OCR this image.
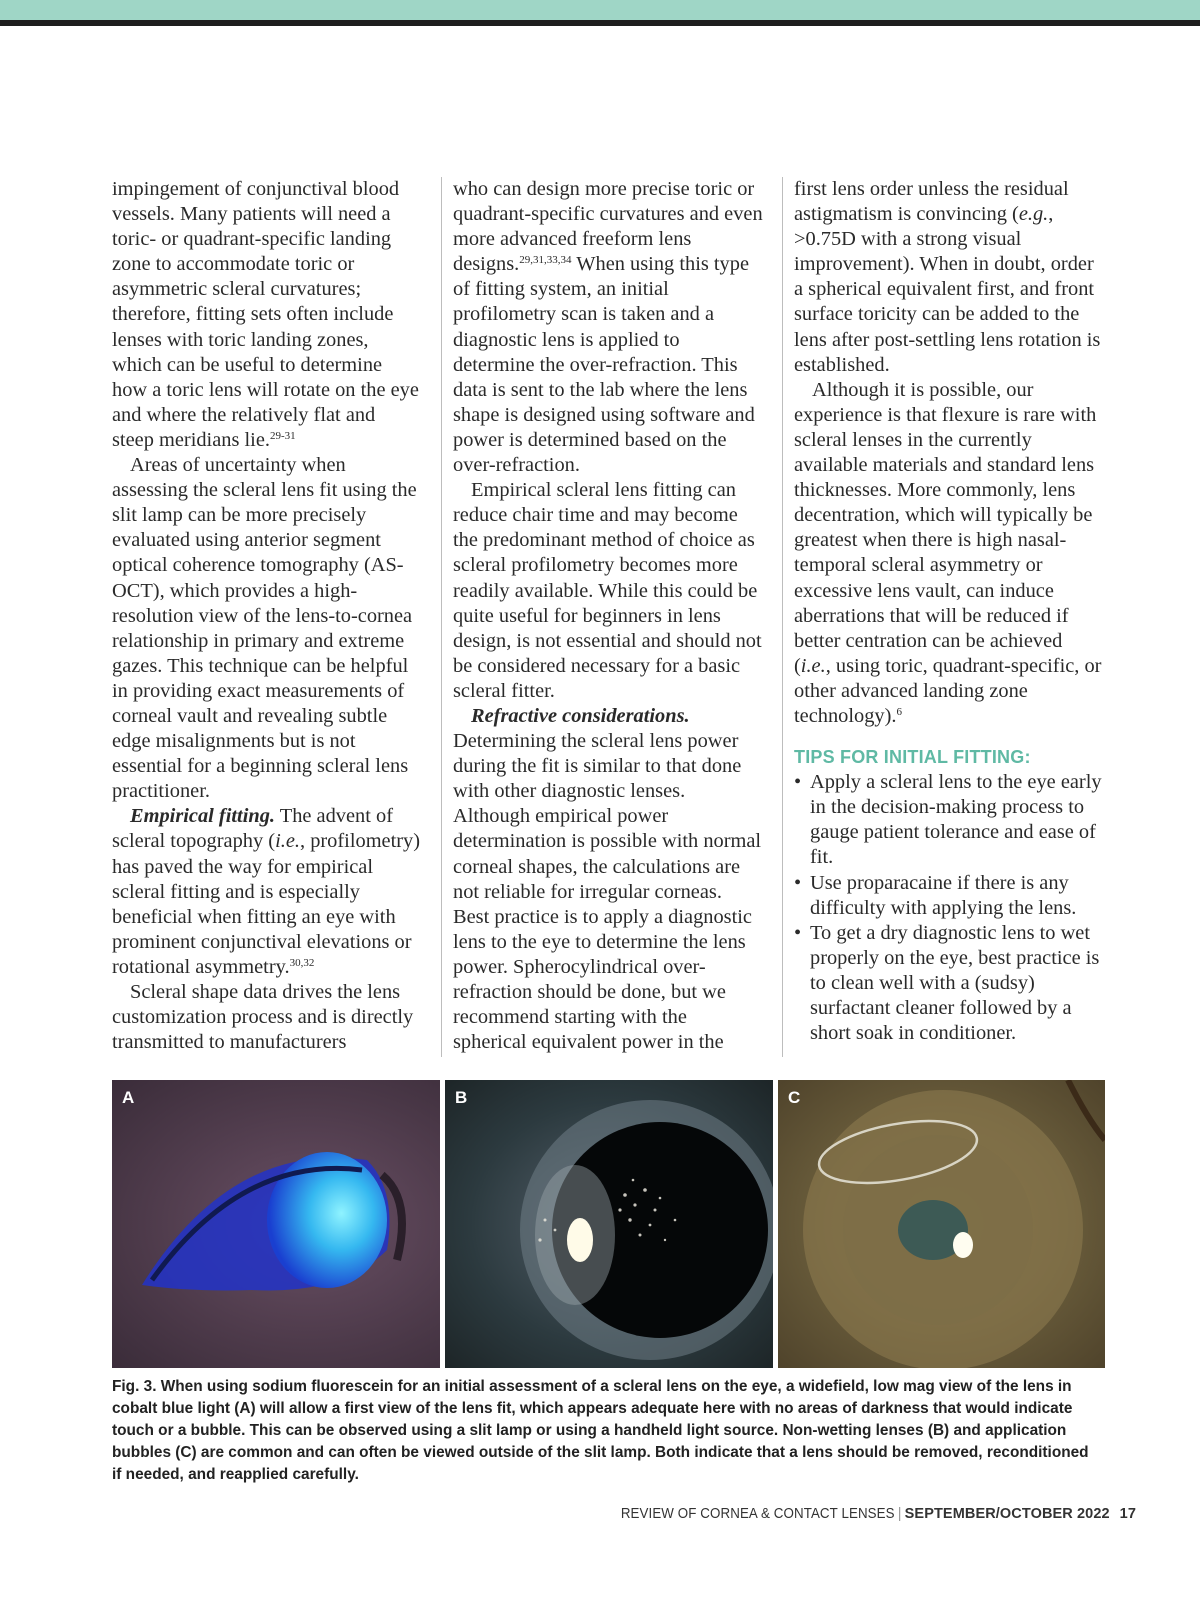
impingement of conjunctival blood vessels. Many patients will need a toric- or quadrant-specific landing zone to accommodate toric or asymmetric scleral curvatures; therefore, fitting sets often include lenses with toric landing zones, which can be useful to determine how a toric lens will rotate on the eye and where the relatively flat and steep meridians lie.$^{29-31}$

Areas of uncertainty when assessing the scleral lens fit using the slit lamp can be more precisely evaluated using anterior segment optical coherence tomography (AS-OCT), which provides a high-resolution view of the lens-to-cornea relationship in primary and extreme gazes. This technique can be helpful in providing exact measurements of corneal vault and revealing subtle edge misalignments but is not essential for a beginning scleral lens practitioner.

Empirical fitting. The advent of scleral topography (i.e., profilometry) has paved the way for empirical scleral fitting and is especially beneficial when fitting an eye with prominent conjunctival elevations or rotational asymmetry.$^{30,32}$

Scleral shape data drives the lens customization process and is directly transmitted to manufacturers

who can design more precise toric or quadrant-specific curvatures and even more advanced freeform lens designs.$^{29,31,33,34}$ When using this type of fitting system, an initial profilometry scan is taken and a diagnostic lens is applied to determine the over-refraction. This data is sent to the lab where the lens shape is designed using software and power is determined based on the over-refraction.

Empirical scleral lens fitting can reduce chair time and may become the predominant method of choice as scleral profilometry becomes more readily available. While this could be quite useful for beginners in lens design, is not essential and should not be considered necessary for a basic scleral fitter.

Refractive considerations.

Determining the scleral lens power during the fit is similar to that done with other diagnostic lenses. Although empirical power determination is possible with normal corneal shapes, the calculations are not reliable for irregular corneas. Best practice is to apply a diagnostic lens to the eye to determine the lens power. Spherocylindrical over-refraction should be done, but we recommend starting with the spherical equivalent power in the

first lens order unless the residual astigmatism is convincing (e.g., >0.75D with a strong visual improvement). When in doubt, order a spherical equivalent first, and front surface toricity can be added to the lens after post-settling lens rotation is established.

Although it is possible, our experience is that flexure is rare with scleral lenses in the currently available materials and standard lens thicknesses. More commonly, lens decentration, which will typically be greatest when there is high nasal-temporal scleral asymmetry or excessive lens vault, can induce aberrations that will be reduced if better centration can be achieved (i.e., using toric, quadrant-specific, or other advanced landing zone technology).$^6$

TIPS FOR INITIAL FITTING:
• Apply a scleral lens to the eye early in the decision-making process to gauge patient tolerance and ease of fit.
• Use proparacaine if there is any difficulty with applying the lens.
• To get a dry diagnostic lens to wet properly on the eye, best practice is to clean well with a (sudsy) surfactant cleaner followed by a short soak in conditioner.
A	B	C
Fig. 3. When using sodium fluorescein for an initial assessment of a scleral lens on the eye, a widefield, low mag view of the lens in cobalt blue light (A) will allow a first view of the lens fit, which appears adequate here with no areas of darkness that would indicate touch or a bubble. This can be observed using a slit lamp or using a handheld light source. Non-wetting lenses (B) and application bubbles (C) are common and can often be viewed outside of the slit lamp. Both indicate that a lens should be removed, reconditioned if needed, and reapplied carefully.
REVIEW OF CORNEA & CONTACT LENSES | SEPTEMBER/OCTOBER 2022 17
